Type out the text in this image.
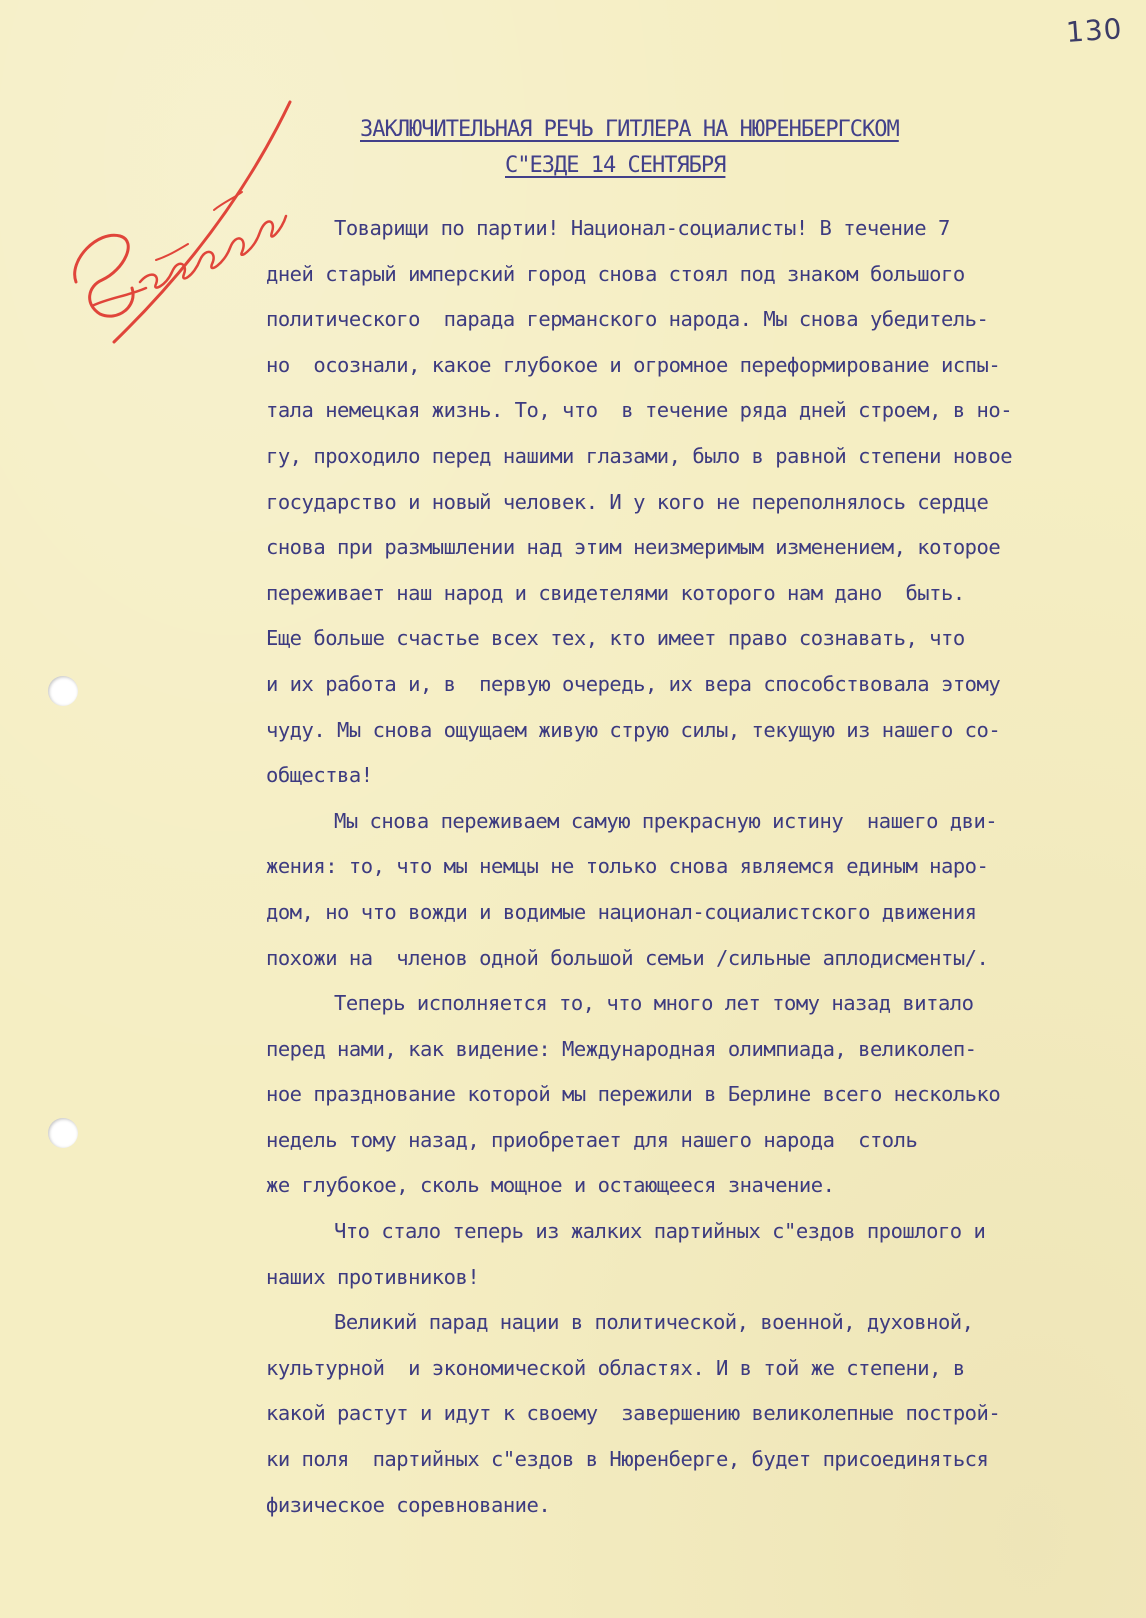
130
ЗАКЛЮЧИТЕЛЬНАЯ РЕЧЬ ГИТЛЕРА НА НЮРЕНБЕРГСКОМ
С"ЕЗДЕ 14 СЕНТЯБРЯ
Товарищи по партии! Национал-социалисты! В течение 7
дней старый имперский город снова стоял под знаком большого
политического  парада германского народа. Мы снова убедитель-
но  осознали, какое глубокое и огромное переформирование испы-
тала немецкая жизнь. То, что  в течение ряда дней строем, в но-
гу, проходило перед нашими глазами, было в равной степени новое
государство и новый человек. И у кого не переполнялось сердце
снова при размышлении над этим неизмеримым изменением, которое
переживает наш народ и свидетелями которого нам дано  быть.
Еще больше счастье всех тех, кто имеет право сознавать, что
и их работа и, в  первую очередь, их вера способствовала этому
чуду. Мы снова ощущаем живую струю силы, текущую из нашего со-
общества!
Мы снова переживаем самую прекрасную истину  нашего дви-
жения: то, что мы немцы не только снова являемся единым наро-
дом, но что вожди и водимые национал-социалистского движения
похожи на  членов одной большой семьи /сильные аплодисменты/.
Теперь исполняется то, что много лет тому назад витало
перед нами, как видение: Международная олимпиада, великолеп-
ное празднование которой мы пережили в Берлине всего несколько
недель тому назад, приобретает для нашего народа  столь
же глубокое, сколь мощное и остающееся значение.
Что стало теперь из жалких партийных с"ездов прошлого и
наших противников!
Великий парад нации в политической, военной, духовной,
культурной  и экономической областях. И в той же степени, в
какой растут и идут к своему  завершению великолепные построй-
ки поля  партийных с"ездов в Нюренберге, будет присоединяться
физическое соревнование.
